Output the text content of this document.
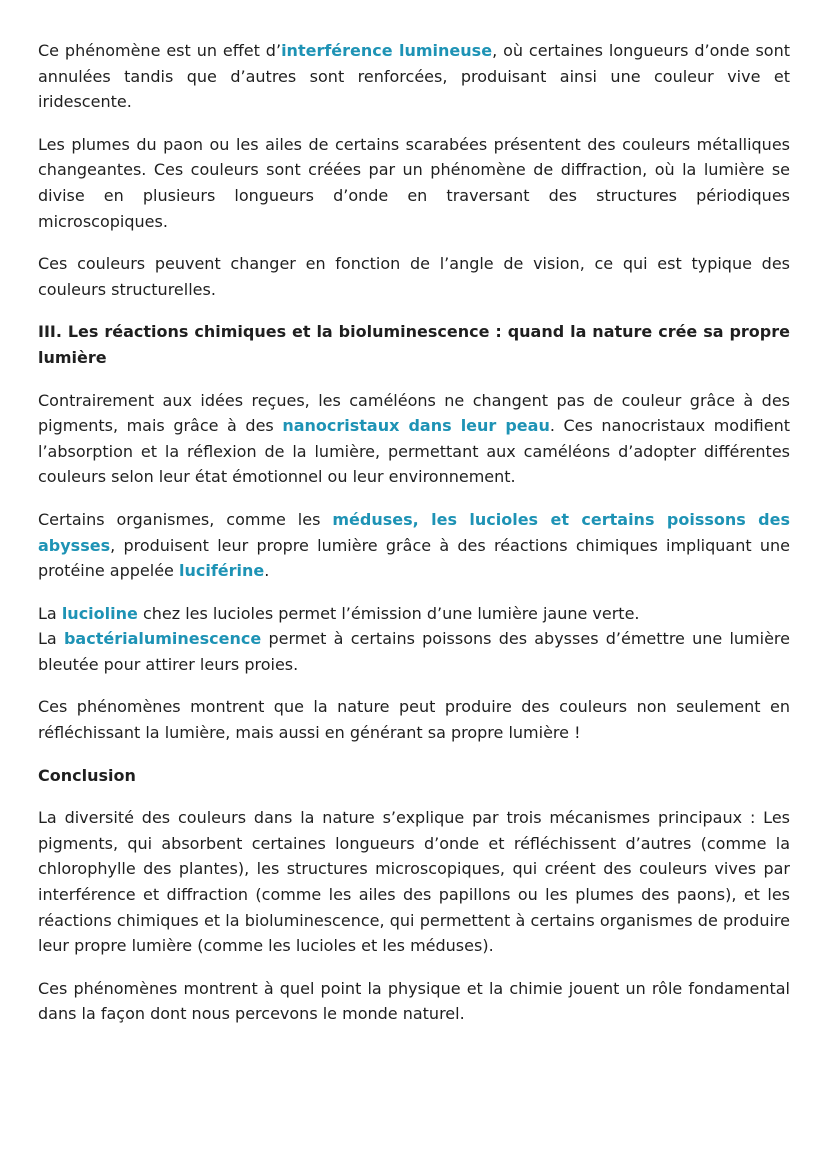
Ce phénomène est un effet d’interférence lumineuse, où certaines longueurs d’onde sont annulées tandis que d’autres sont renforcées, produisant ainsi une couleur vive et iridescente.

Les plumes du paon ou les ailes de certains scarabées présentent des couleurs métalliques changeantes. Ces couleurs sont créées par un phénomène de diffraction, où la lumière se divise en plusieurs longueurs d’onde en traversant des structures périodiques microscopiques.

Ces couleurs peuvent changer en fonction de l’angle de vision, ce qui est typique des couleurs structurelles.

III. Les réactions chimiques et la bioluminescence : quand la nature crée sa propre lumière

Contrairement aux idées reçues, les caméléons ne changent pas de couleur grâce à des pigments, mais grâce à des nanocristaux dans leur peau. Ces nanocristaux modifient l’absorption et la réflexion de la lumière, permettant aux caméléons d’adopter différentes couleurs selon leur état émotionnel ou leur environnement.

Certains organismes, comme les méduses, les lucioles et certains poissons des abysses, produisent leur propre lumière grâce à des réactions chimiques impliquant une protéine appelée luciférine.

La lucioline chez les lucioles permet l’émission d’une lumière jaune verte.

La bactérialuminescence permet à certains poissons des abysses d’émettre une lumière bleutée pour attirer leurs proies.

Ces phénomènes montrent que la nature peut produire des couleurs non seulement en réfléchissant la lumière, mais aussi en générant sa propre lumière !

Conclusion

La diversité des couleurs dans la nature s’explique par trois mécanismes principaux : Les pigments, qui absorbent certaines longueurs d’onde et réfléchissent d’autres (comme la chlorophylle des plantes), les structures microscopiques, qui créent des couleurs vives par interférence et diffraction (comme les ailes des papillons ou les plumes des paons), et les réactions chimiques et la bioluminescence, qui permettent à certains organismes de produire leur propre lumière (comme les lucioles et les méduses).

Ces phénomènes montrent à quel point la physique et la chimie jouent un rôle fondamental dans la façon dont nous percevons le monde naturel.
